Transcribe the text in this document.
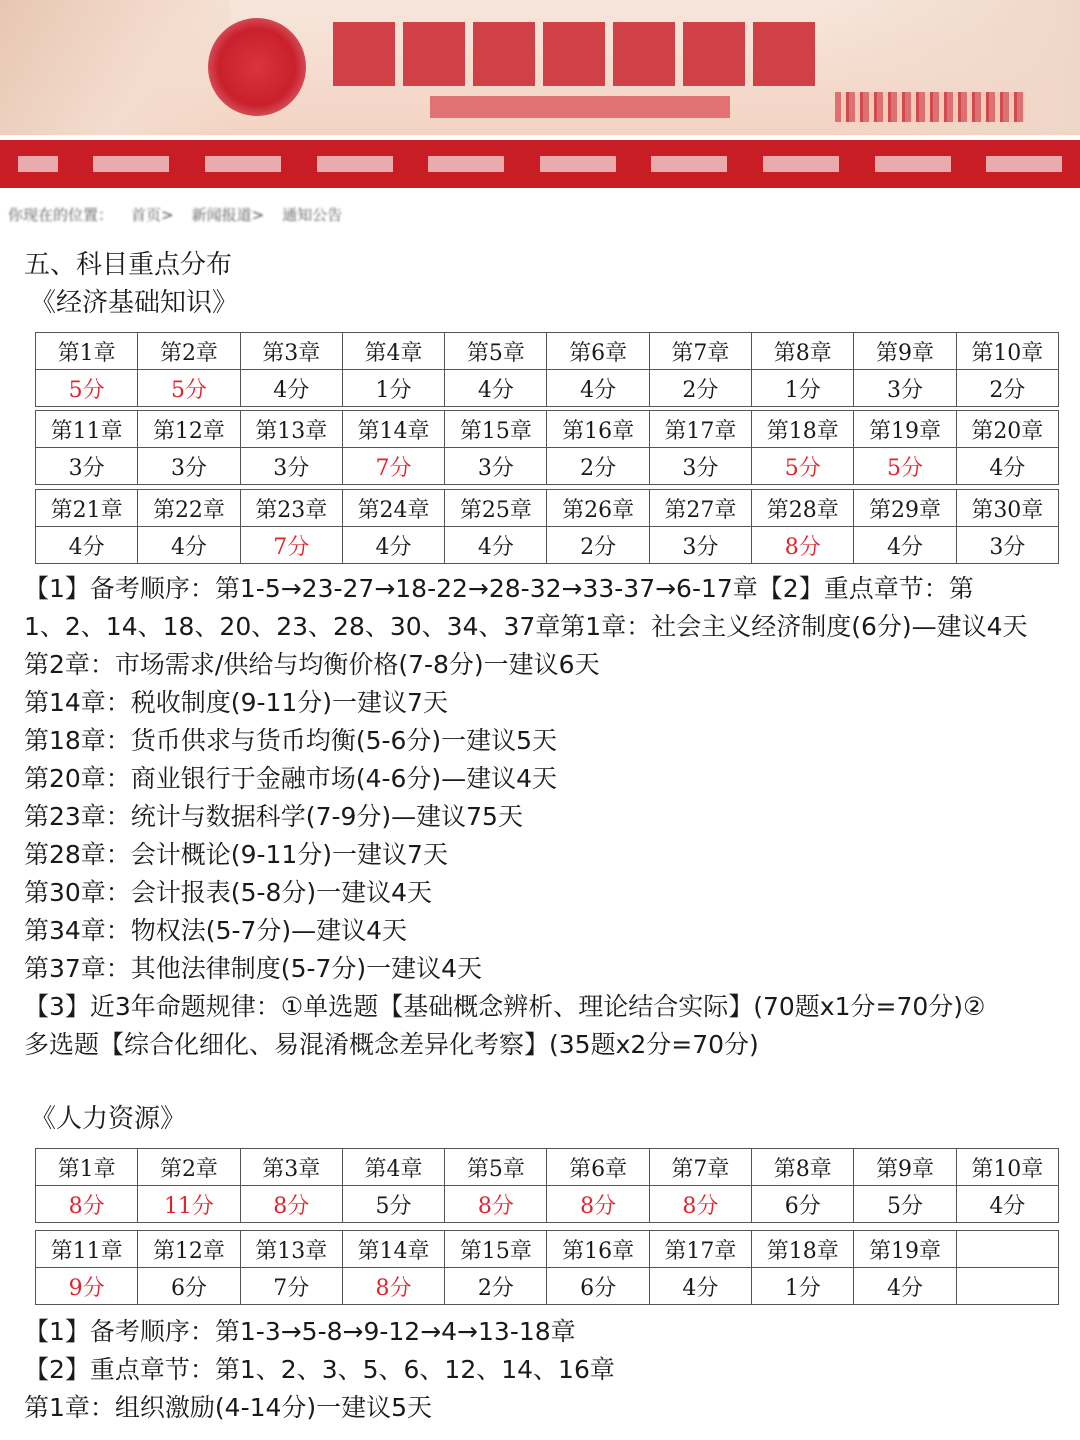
你现在的位置： 首页> 新闻报道> 通知公告
五、科目重点分布
《经济基础知识》
第1章	第2章	第3章	第4章	第5章	第6章	第7章	第8章	第9章	第10章
5分	5分	4分	1分	4分	4分	2分	1分	3分	2分
第11章	第12章	第13章	第14章	第15章	第16章	第17章	第18章	第19章	第20章
3分	3分	3分	7分	3分	2分	3分	5分	5分	4分
第21章	第22章	第23章	第24章	第25章	第26章	第27章	第28章	第29章	第30章
4分	4分	7分	4分	4分	2分	3分	8分	4分	3分

【1】备考顺序：第1-5→23-27→18-22→28-32→33-37→6-17章【2】重点章节：第

1、2、14、18、20、23、28、30、34、37章第1章：社会主义经济制度(6分)—建议4天

第2章：市场需求/供给与均衡价格(7-8分)一建议6天

第14章：税收制度(9-11分)一建议7天

第18章：货币供求与货币均衡(5-6分)一建议5天

第20章：商业银行于金融市场(4-6分)—建议4天

第23章：统计与数据科学(7-9分)—建议75天

第28章：会计概论(9-11分)一建议7天

第30章：会计报表(5-8分)一建议4天

第34章：物权法(5-7分)—建议4天

第37章：其他法律制度(5-7分)一建议4天

【3】近3年命题规律：①单选题【基础概念辨析、理论结合实际】(70题x1分=70分)②

多选题【综合化细化、易混淆概念差异化考察】(35题x2分=70分)

《人力资源》
第1章	第2章	第3章	第4章	第5章	第6章	第7章	第8章	第9章	第10章
8分	11分	8分	5分	8分	8分	8分	6分	5分	4分
第11章	第12章	第13章	第14章	第15章	第16章	第17章	第18章	第19章	
9分	6分	7分	8分	2分	6分	4分	1分	4分	

【1】备考顺序：第1-3→5-8→9-12→4→13-18章

【2】重点章节：第1、2、3、5、6、12、14、16章

第1章：组织激励(4-14分)一建议5天
